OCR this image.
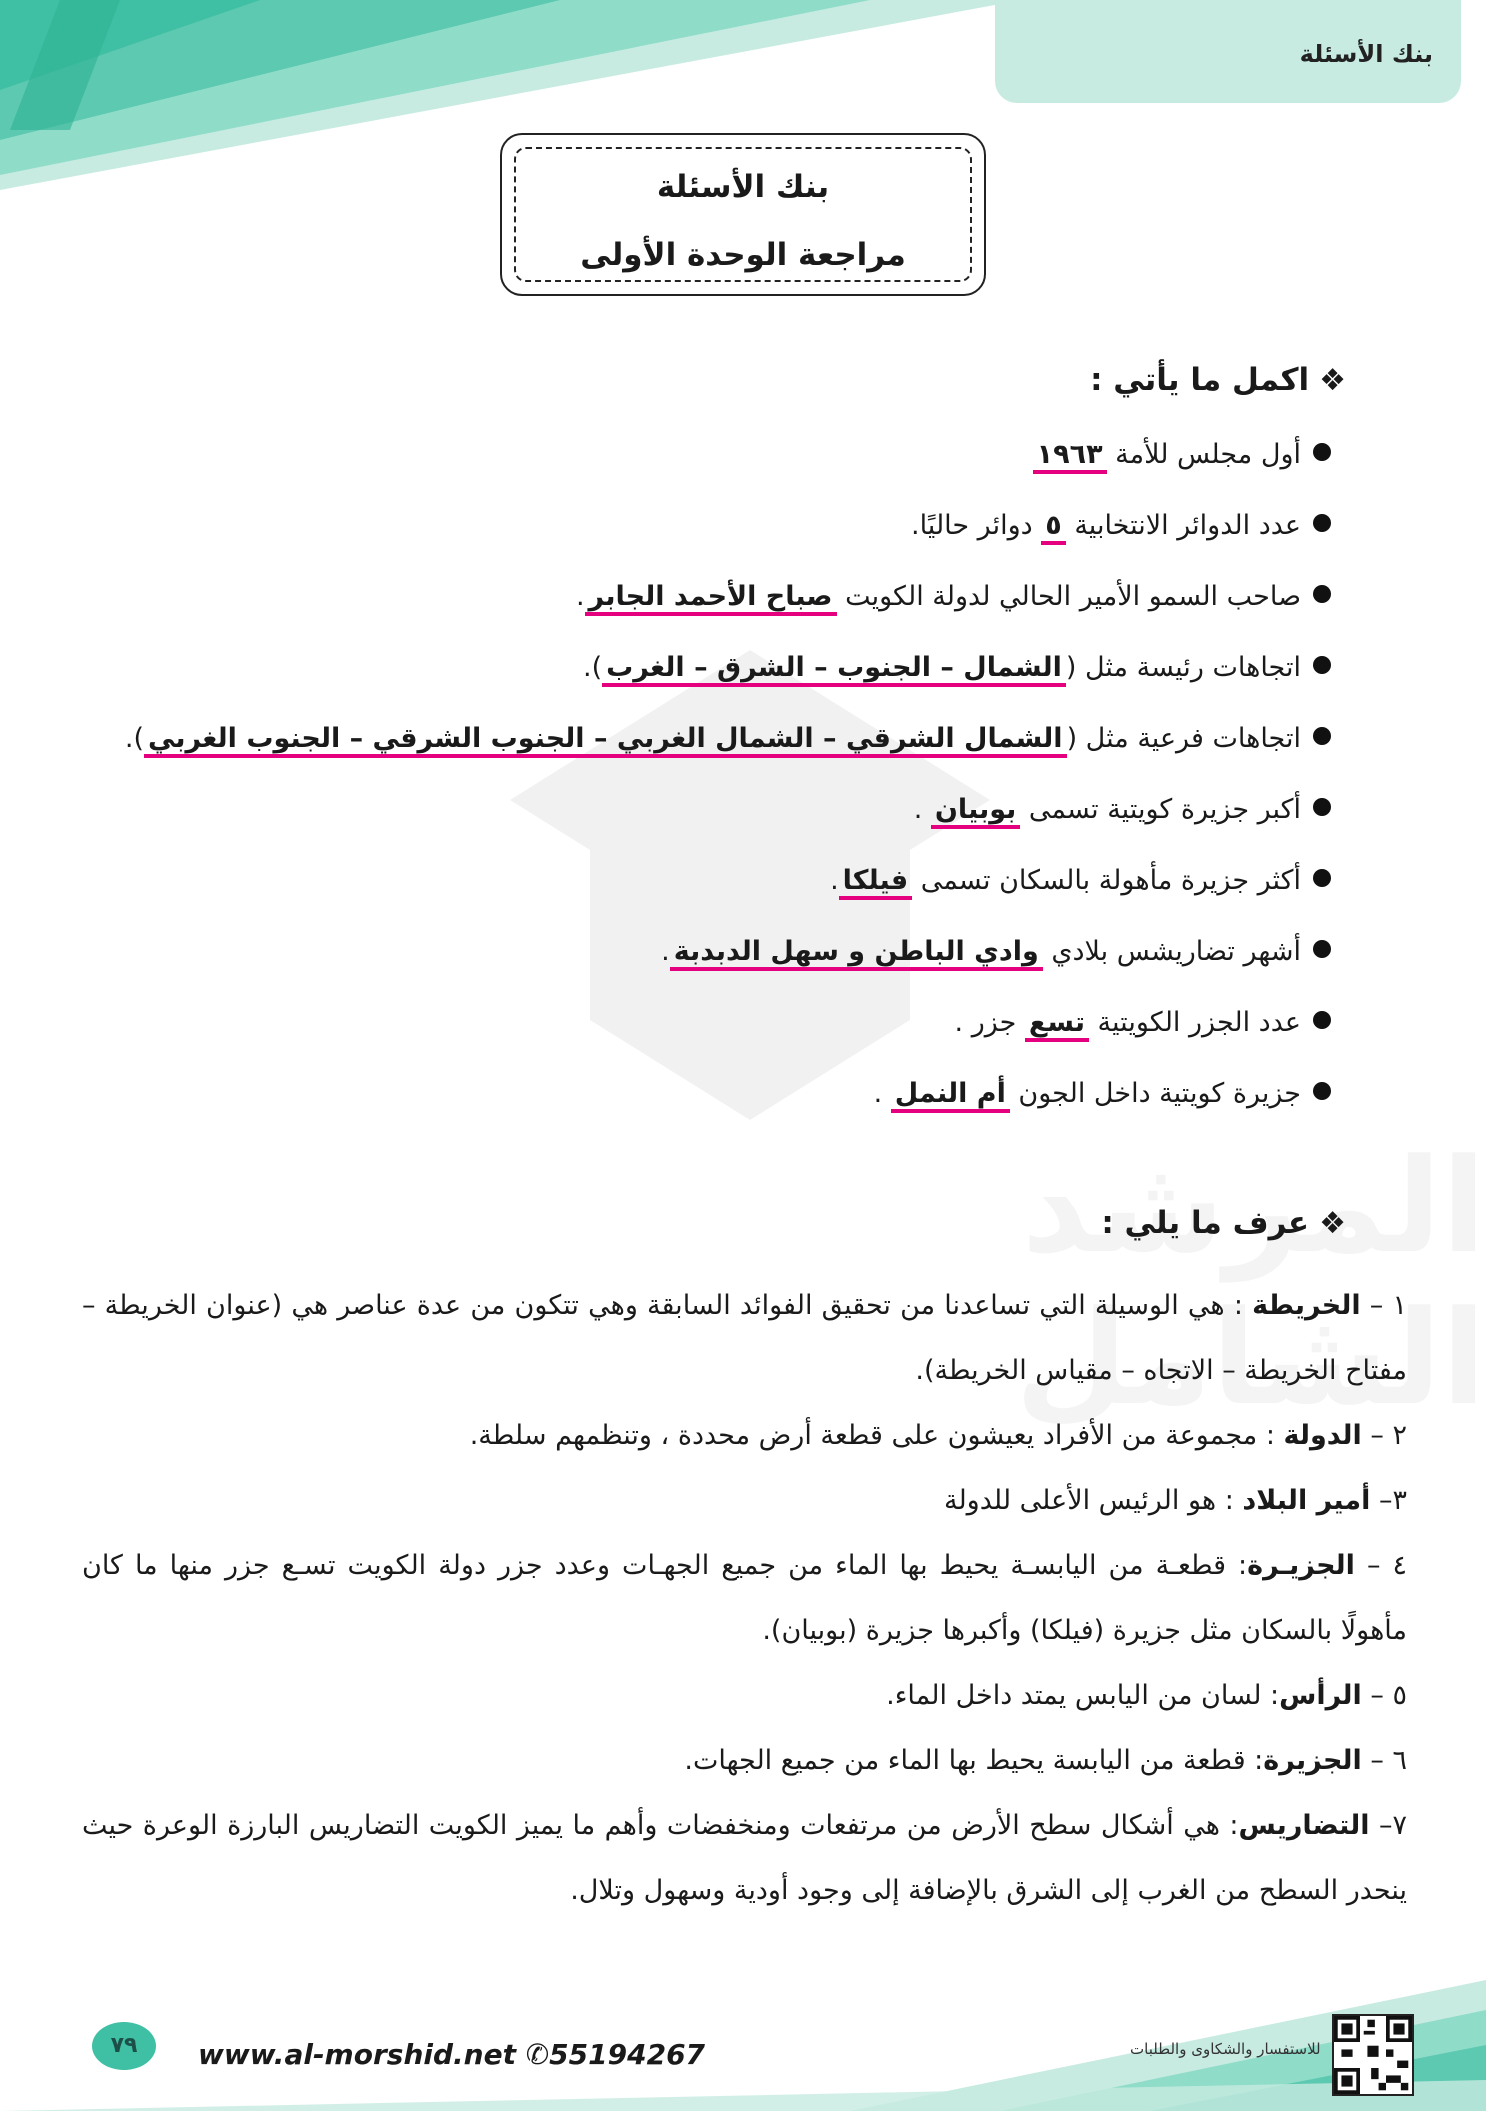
بنك الأسئلة
بنك الأسئلة
مراجعة الوحدة الأولى
❖اكمل ما يأتي :
أول مجلس للأمة ١٩٦٣
عدد الدوائر الانتخابية ٥ دوائر حاليًا.
صاحب السمو الأمير الحالي لدولة الكويت صباح الأحمد الجابر.
اتجاهات رئيسة مثل (الشمال – الجنوب – الشرق – الغرب).
اتجاهات فرعية مثل (الشمال الشرقي – الشمال الغربي – الجنوب الشرقي – الجنوب الغربي).
أكبر جزيرة كويتية تسمى بوبيان .
أكثر جزيرة مأهولة بالسكان تسمى فيلكا.
أشهر تضاريشس بلادي وادي الباطن و سهل الدبدبة.
عدد الجزر الكويتية تسع جزر .
جزيرة كويتية داخل الجون أم النمل .
❖عرف ما يلي :

١ – الخريطة : هي الوسيلة التي تساعدنا من تحقيق الفوائد السابقة وهي تتكون من عدة عناصر هي (عنوان الخريطة – مفتاح الخريطة – الاتجاه – مقياس الخريطة).

٢ – الدولة : مجموعة من الأفراد يعيشون على قطعة أرض محددة ، وتنظمهم سلطة.

٣– أمير البلاد : هو الرئيس الأعلى للدولة

٤ – الجزيـرة: قطعـة من اليابسـة يحيط بها الماء من جميع الجهـات وعدد جزر دولة الكويت تسـع جزر منها ما كان مأهولًا بالسكان مثل جزيرة (فيلكا) وأكبرها جزيرة (بوبيان).

٥ – الرأس: لسان من اليابس يمتد داخل الماء.

٦ – الجزيرة: قطعة من اليابسة يحيط بها الماء من جميع الجهات.

٧– التضاريس: هي أشكال سطح الأرض من مرتفعات ومنخفضات وأهم ما يميز الكويت التضاريس البارزة الوعرة حيث ينحدر السطح من الغرب إلى الشرق بالإضافة إلى وجود أودية وسهول وتلال.

٧٩	www.al-morshid.net ✆55194267	للاستفسار والشكاوى والطلبات
